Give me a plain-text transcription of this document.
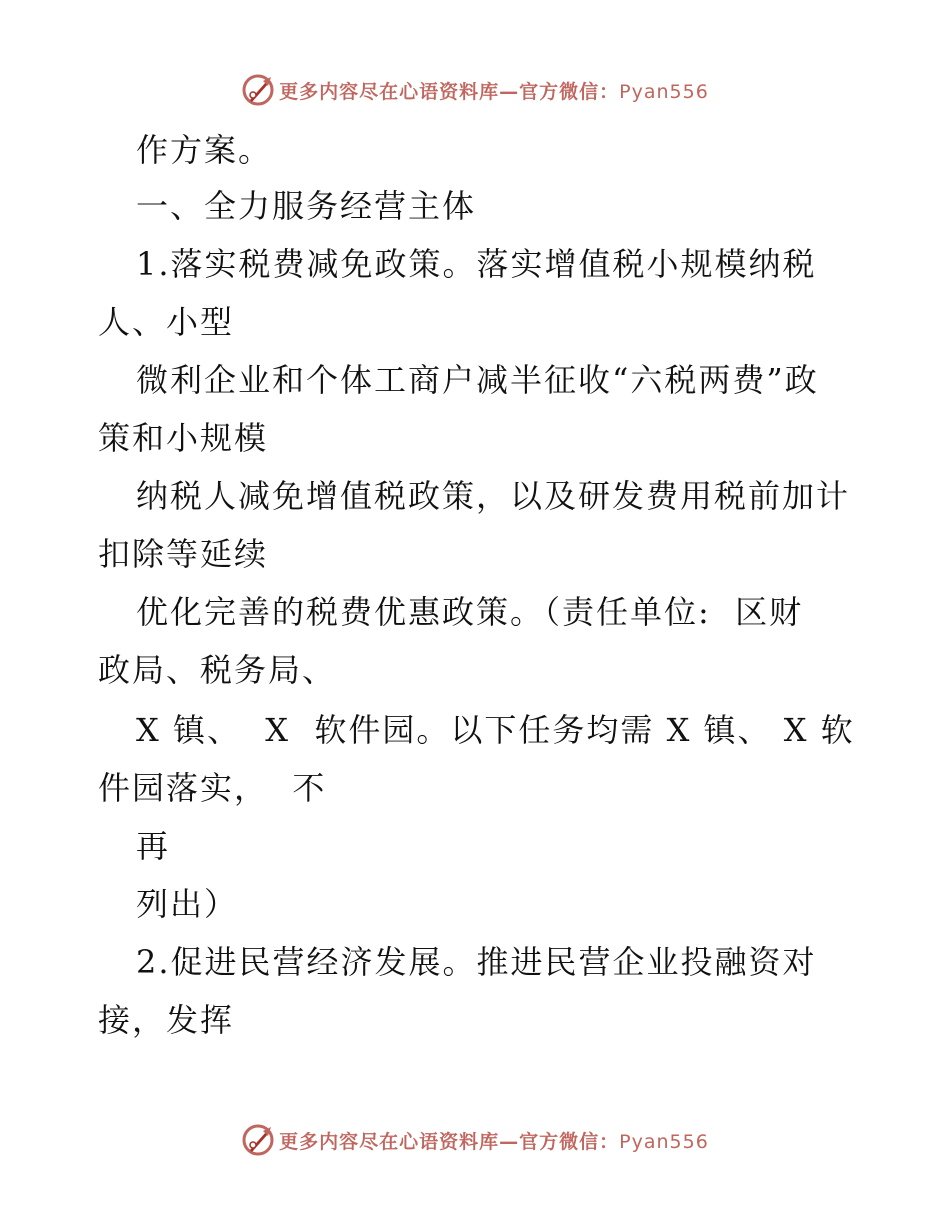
更多内容尽在心语资料库—官方微信：Pyan556
作方案。
一、全力服务经营主体
1.落实税费减免政策。落实增值税小规模纳税
人、小型
微利企业和个体工商户减半征收“六税两费”政
策和小规模
纳税人减免增值税政策，以及研发费用税前加计
扣除等延续
优化完善的税费优惠政策。（责任单位:  区财
政局、税务局、
X 镇、  X  软件园。以下任务均需 X 镇、 X 软
件园落实，  不
再
列出）
2.促进民营经济发展。推进民营企业投融资对
接，发挥
更多内容尽在心语资料库—官方微信：Pyan556
